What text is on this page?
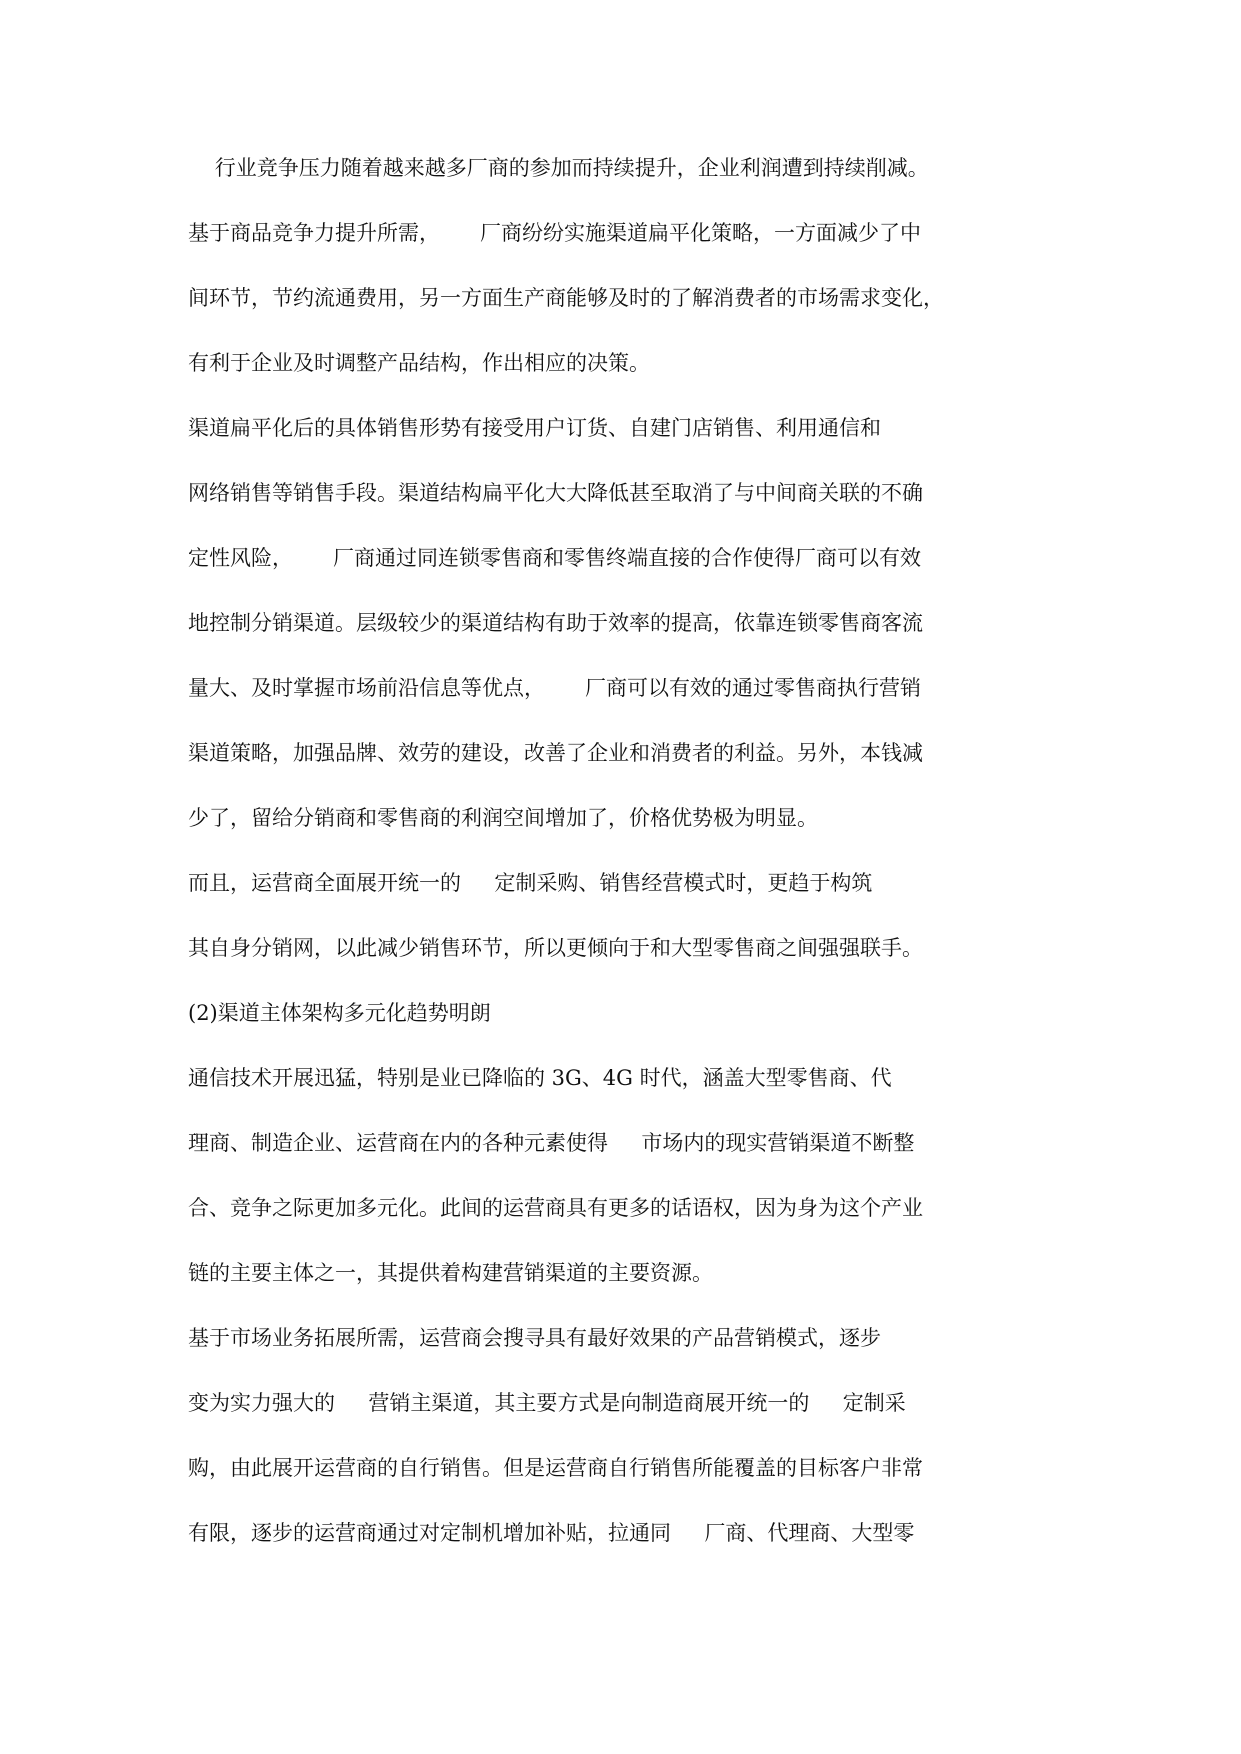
行业竞争压力随着越来越多厂商的参加而持续提升，企业利润遭到持续削减。
基于商品竞争力提升所需，      厂商纷纷实施渠道扁平化策略，一方面减少了中
间环节，节约流通费用，另一方面生产商能够及时的了解消费者的市场需求变化，
有利于企业及时调整产品结构，作出相应的决策。
渠道扁平化后的具体销售形势有接受用户订货、自建门店销售、利用通信和
网络销售等销售手段。渠道结构扁平化大大降低甚至取消了与中间商关联的不确
定性风险，      厂商通过同连锁零售商和零售终端直接的合作使得厂商可以有效
地控制分销渠道。层级较少的渠道结构有助于效率的提高，依靠连锁零售商客流
量大、及时掌握市场前沿信息等优点，      厂商可以有效的通过零售商执行营销
渠道策略，加强品牌、效劳的建设，改善了企业和消费者的利益。另外，本钱减
少了，留给分销商和零售商的利润空间增加了，价格优势极为明显。
而且，运营商全面展开统一的     定制采购、销售经营模式时，更趋于构筑
其自身分销网，以此减少销售环节，所以更倾向于和大型零售商之间强强联手。
(2)渠道主体架构多元化趋势明朗
通信技术开展迅猛，特别是业已降临的 3G、4G 时代，涵盖大型零售商、代
理商、制造企业、运营商在内的各种元素使得     市场内的现实营销渠道不断整
合、竞争之际更加多元化。此间的运营商具有更多的话语权，因为身为这个产业
链的主要主体之一，其提供着构建营销渠道的主要资源。
基于市场业务拓展所需，运营商会搜寻具有最好效果的产品营销模式，逐步
变为实力强大的     营销主渠道，其主要方式是向制造商展开统一的     定制采
购，由此展开运营商的自行销售。但是运营商自行销售所能覆盖的目标客户非常
有限，逐步的运营商通过对定制机增加补贴，拉通同     厂商、代理商、大型零
